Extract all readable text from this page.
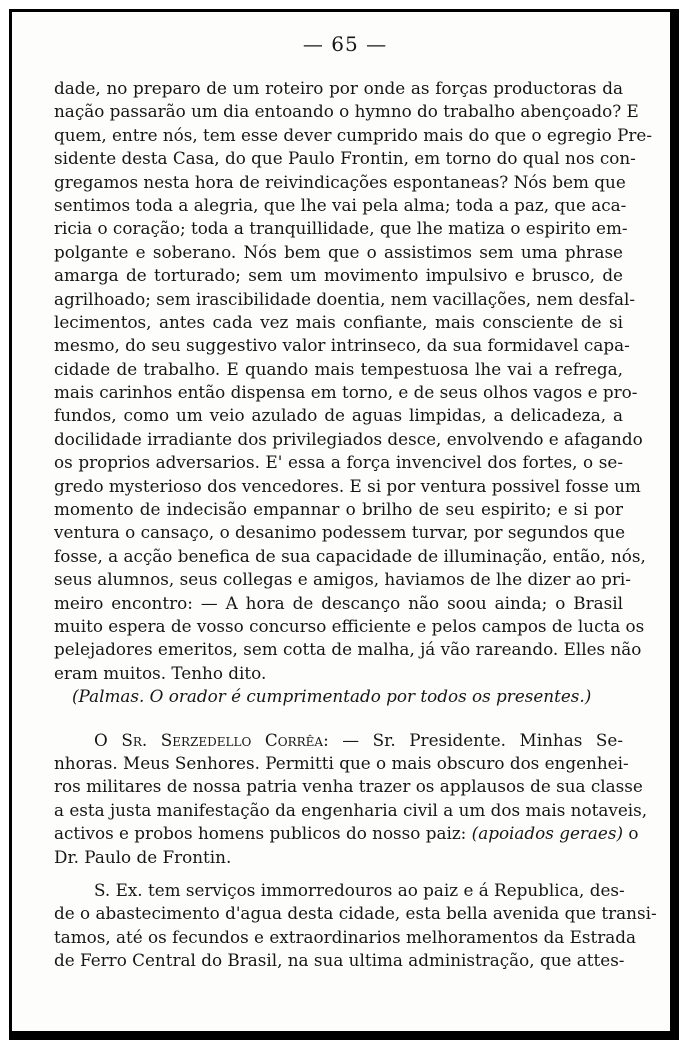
— 65 —
dade, no preparo de um roteiro por onde as forças productoras da
nação passarão um dia entoando o hymno do trabalho abençoado? E
quem, entre nós, tem esse dever cumprido mais do que o egregio Pre-
sidente desta Casa, do que Paulo Frontin, em torno do qual nos con-
gregamos nesta hora de reivindicações espontaneas? Nós bem que
sentimos toda a alegria, que lhe vai pela alma; toda a paz, que aca-
ricia o coração; toda a tranquillidade, que lhe matiza o espirito em-
polgante e soberano. Nós bem que o assistimos sem uma phrase
amarga de torturado; sem um movimento impulsivo e brusco, de
agrilhoado; sem irascibilidade doentia, nem vacillações, nem desfal-
lecimentos, antes cada vez mais confiante, mais consciente de si
mesmo, do seu suggestivo valor intrinseco, da sua formidavel capa-
cidade de trabalho. E quando mais tempestuosa lhe vai a refrega,
mais carinhos então dispensa em torno, e de seus olhos vagos e pro-
fundos, como um veio azulado de aguas limpidas, a delicadeza, a
docilidade irradiante dos privilegiados desce, envolvendo e afagando
os proprios adversarios. E' essa a força invencivel dos fortes, o se-
gredo mysterioso dos vencedores. E si por ventura possivel fosse um
momento de indecisão empannar o brilho de seu espirito; e si por
ventura o cansaço, o desanimo podessem turvar, por segundos que
fosse, a acção benefica de sua capacidade de illuminação, então, nós,
seus alumnos, seus collegas e amigos, haviamos de lhe dizer ao pri-
meiro encontro: — A hora de descanço não soou ainda; o Brasil
muito espera de vosso concurso efficiente e pelos campos de lucta os
pelejadores emeritos, sem cotta de malha, já vão rareando. Elles não
eram muitos. Tenho dito.
(Palmas. O orador é cumprimentado por todos os presentes.)
O Sr. Serzedello Corrêa: — Sr. Presidente. Minhas Se-
nhoras. Meus Senhores. Permitti que o mais obscuro dos engenhei-
ros militares de nossa patria venha trazer os applausos de sua classe
a esta justa manifestação da engenharia civil a um dos mais notaveis,
activos e probos homens publicos do nosso paiz: (apoiados geraes) o
Dr. Paulo de Frontin.
S. Ex. tem serviços immorredouros ao paiz e á Republica, des-
de o abastecimento d'agua desta cidade, esta bella avenida que transi-
tamos, até os fecundos e extraordinarios melhoramentos da Estrada
de Ferro Central do Brasil, na sua ultima administração, que attes-
